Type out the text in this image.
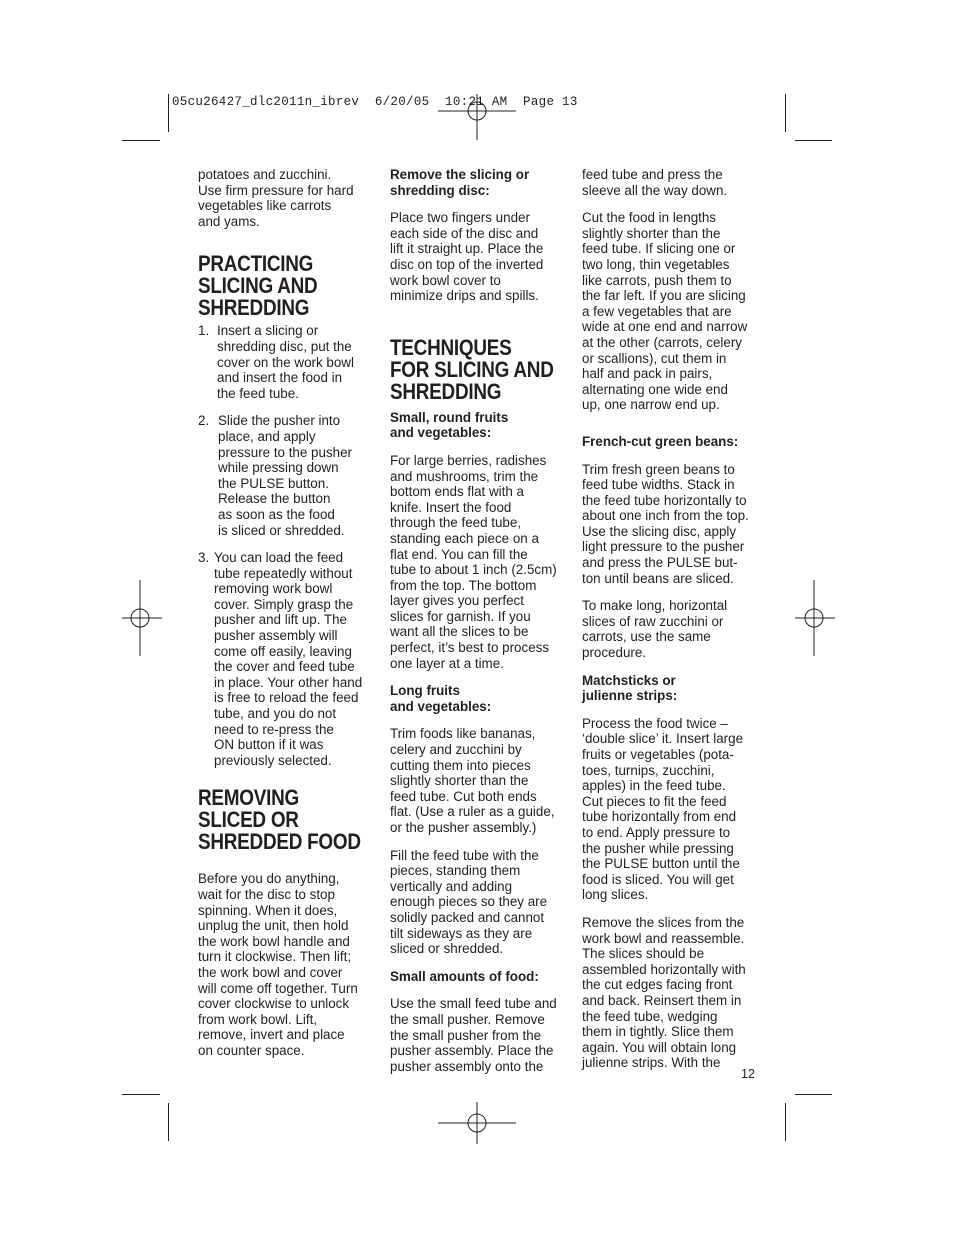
05cu26427_dlc2011n_ibrev  6/20/05  10:21 AM  Page 13

potatoes and zucchini.

Use firm pressure for hard

vegetables like carrots

and yams.

PRACTICING
SLICING AND
SHREDDING
1. Insert a slicing or

shredding disc, put the

cover on the work bowl

and insert the food in

the feed tube.

2. Slide the pusher into

place, and apply

pressure to the pusher

while pressing down

the PULSE button.

Release the button

as soon as the food

is sliced or shredded.

3. You can load the feed

tube repeatedly without

removing work bowl

cover. Simply grasp the

pusher and lift up. The

pusher assembly will

come off easily, leaving

the cover and feed tube

in place. Your other hand

is free to reload the feed

tube, and you do not

need to re-press the

ON button if it was

previously selected.

REMOVING
SLICED OR
SHREDDED FOOD

Before you do anything,

wait for the disc to stop

spinning. When it does,

unplug the unit, then hold

the work bowl handle and

turn it clockwise. Then lift;

the work bowl and cover

will come off together. Turn

cover clockwise to unlock

from work bowl. Lift,

remove, invert and place

on counter space.

Remove the slicing or

shredding disc:

Place two fingers under

each side of the disc and

lift it straight up. Place the

disc on top of the inverted

work bowl cover to

minimize drips and spills.

TECHNIQUES
FOR SLICING AND
SHREDDING

Small, round fruits

and vegetables:

For large berries, radishes

and mushrooms, trim the

bottom ends flat with a

knife. Insert the food

through the feed tube,

standing each piece on a

flat end. You can fill the

tube to about 1 inch (2.5cm)

from the top. The bottom

layer gives you perfect

slices for garnish. If you

want all the slices to be

perfect, it’s best to process

one layer at a time.

Long fruits

and vegetables:

Trim foods like bananas,

celery and zucchini by

cutting them into pieces

slightly shorter than the

feed tube. Cut both ends

flat. (Use a ruler as a guide,

or the pusher assembly.)

Fill the feed tube with the

pieces, standing them

vertically and adding

enough pieces so they are

solidly packed and cannot

tilt sideways as they are

sliced or shredded.

Small amounts of food:

Use the small feed tube and

the small pusher. Remove

the small pusher from the

pusher assembly. Place the

pusher assembly onto the

feed tube and press the

sleeve all the way down.

Cut the food in lengths

slightly shorter than the

feed tube. If slicing one or

two long, thin vegetables

like carrots, push them to

the far left. If you are slicing

a few vegetables that are

wide at one end and narrow

at the other (carrots, celery

or scallions), cut them in

half and pack in pairs,

alternating one wide end

up, one narrow end up.

French-cut green beans:

Trim fresh green beans to

feed tube widths. Stack in

the feed tube horizontally to

about one inch from the top.

Use the slicing disc, apply

light pressure to the pusher

and press the PULSE but-

ton until beans are sliced.

To make long, horizontal

slices of raw zucchini or

carrots, use the same

procedure.

Matchsticks or

julienne strips:

Process the food twice –

‘double slice’ it. Insert large

fruits or vegetables (pota-

toes, turnips, zucchini,

apples) in the feed tube.

Cut pieces to fit the feed

tube horizontally from end

to end. Apply pressure to

the pusher while pressing

the PULSE button until the

food is sliced. You will get

long slices.

Remove the slices from the

work bowl and reassemble.

The slices should be

assembled horizontally with

the cut edges facing front

and back. Reinsert them in

the feed tube, wedging

them in tightly. Slice them

again. You will obtain long

julienne strips. With the

12
